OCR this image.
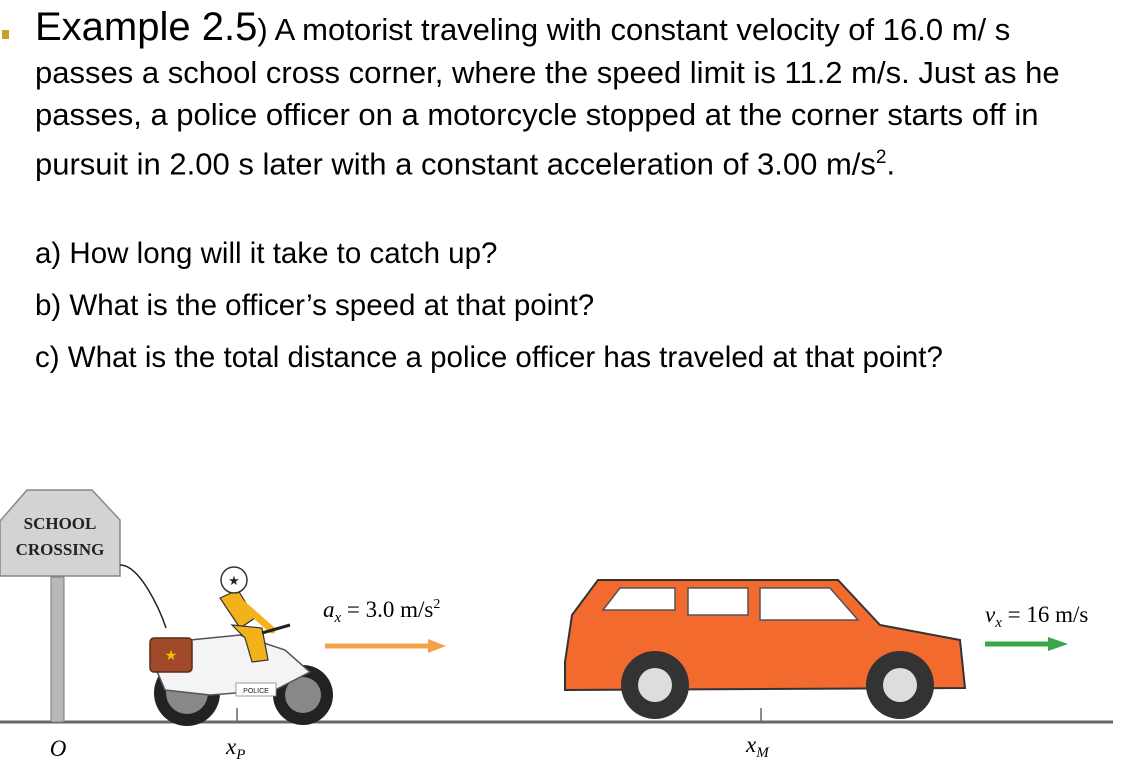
Example 2.5) A motorist traveling with constant velocity of 16.0 m/ s passes a school cross corner, where the speed limit is 11.2 m/s. Just as he passes, a police officer on a motorcycle stopped at the corner starts off in pursuit in 2.00 s later with a constant acceleration of 3.00 $m/s^2$.
a) How long will it take to catch up?
b) What is the officer’s speed at that point?
c) What is the total distance a police officer has traveled at that point?
SCHOOL
CROSSING
★
POLICE
★
$a_x = 3.0$ $m/s^2$	$v_x = 16$ m/s
O	$x_P$	$x_M$
